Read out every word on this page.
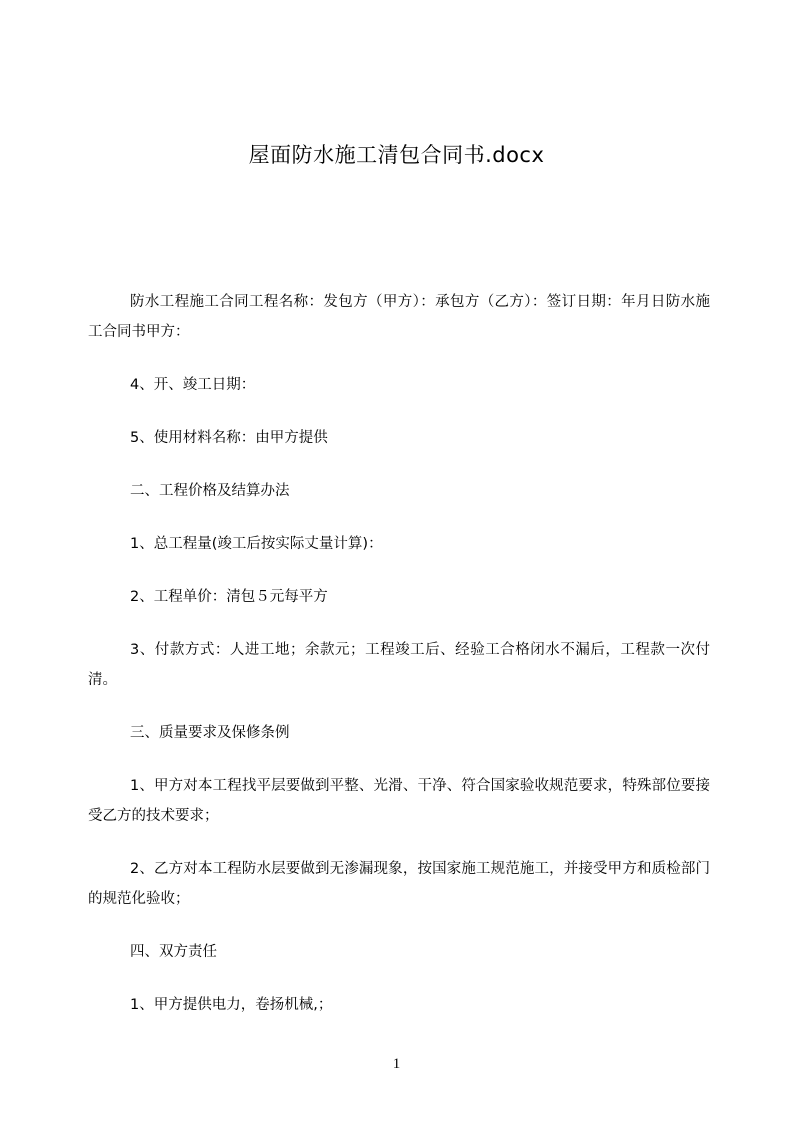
屋面防水施工清包合同书.docx

防水工程施工合同工程名称：发包方（甲方）：承包方（乙方）：签订日期：年月日防水施工合同书甲方：

4、开、竣工日期：

5、使用材料名称：由甲方提供

二、工程价格及结算办法

1、总工程量(竣工后按实际丈量计算)：

2、工程单价：清包５元每平方

3、付款方式：人进工地；余款元；工程竣工后、经验工合格闭水不漏后，工程款一次付清。

三、质量要求及保修条例

1、甲方对本工程找平层要做到平整、光滑、干净、符合国家验收规范要求，特殊部位要接受乙方的技术要求；

2、乙方对本工程防水层要做到无渗漏现象，按国家施工规范施工，并接受甲方和质检部门的规范化验收；

四、双方责任

1、甲方提供电力，卷扬机械,；

1
